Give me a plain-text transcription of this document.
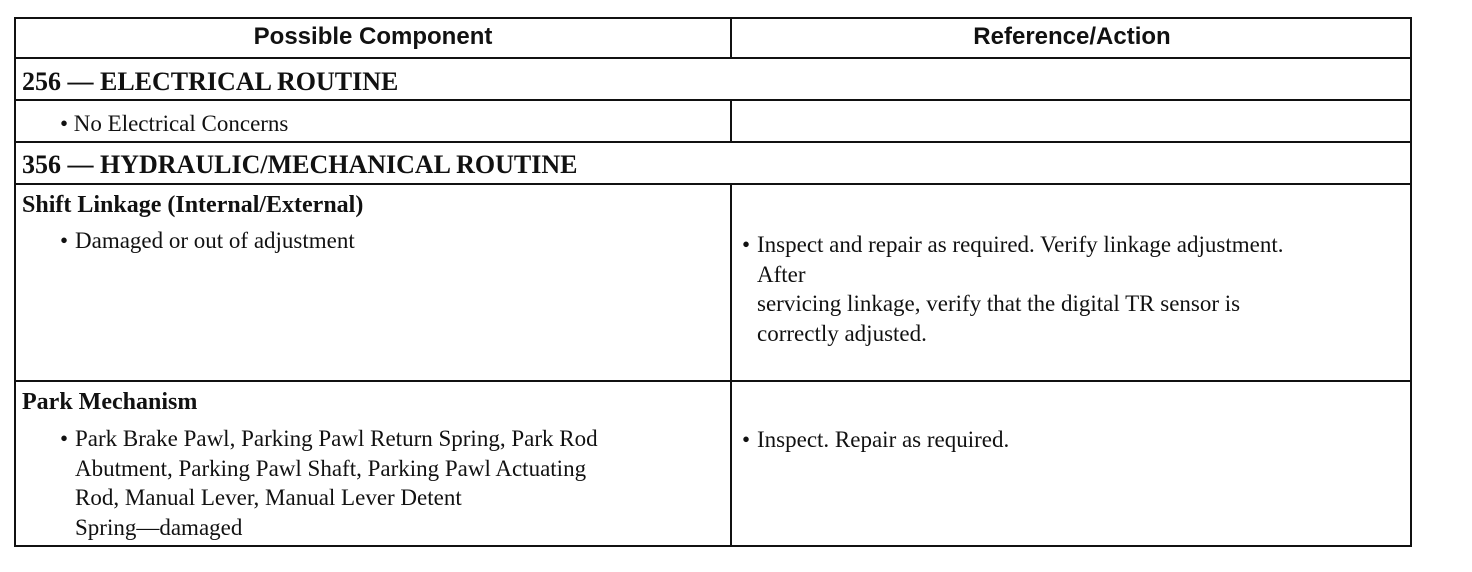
Possible Component	Reference/Action
256 — ELECTRICAL ROUTINE
• No Electrical Concerns
356 — HYDRAULIC/MECHANICAL ROUTINE
Shift Linkage (Internal/External)
• Damaged or out of adjustment	• Inspect and repair as required. Verify linkage adjustment.
After
servicing linkage, verify that the digital TR sensor is
correctly adjusted.
Park Mechanism
• Park Brake Pawl, Parking Pawl Return Spring, Park Rod
Abutment, Parking Pawl Shaft, Parking Pawl Actuating
Rod, Manual Lever, Manual Lever Detent
Spring—damaged
• Inspect. Repair as required.
